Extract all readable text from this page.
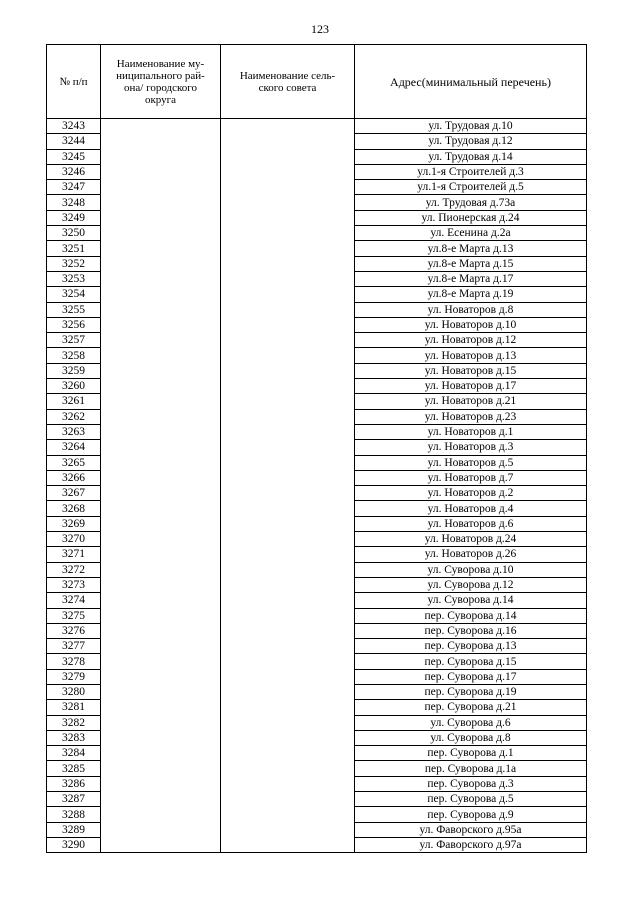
123
№ п/п	Наименование му-
ниципального рай-
она/ городского
округа	Наименование сель-
ского совета	Адрес(минимальный перечень)
3243			ул. Трудовая д.10
3244			ул. Трудовая д.12
3245			ул. Трудовая д.14
3246			ул.1-я Строителей д.3
3247			ул.1-я Строителей д.5
3248			ул. Трудовая д.73а
3249			ул. Пионерская д.24
3250			ул. Есенина д.2а
3251			ул.8-е Марта д.13
3252			ул.8-е Марта д.15
3253			ул.8-е Марта д.17
3254			ул.8-е Марта д.19
3255			ул. Новаторов д.8
3256			ул. Новаторов д.10
3257			ул. Новаторов д.12
3258			ул. Новаторов д.13
3259			ул. Новаторов д.15
3260			ул. Новаторов д.17
3261			ул. Новаторов д.21
3262			ул. Новаторов д.23
3263			ул. Новаторов д.1
3264			ул. Новаторов д.3
3265			ул. Новаторов д.5
3266			ул. Новаторов д.7
3267			ул. Новаторов д.2
3268			ул. Новаторов д.4
3269			ул. Новаторов д.6
3270			ул. Новаторов д.24
3271			ул. Новаторов д.26
3272			ул. Суворова д.10
3273			ул. Суворова д.12
3274			ул. Суворова д.14
3275			пер. Суворова д.14
3276			пер. Суворова д.16
3277			пер. Суворова д.13
3278			пер. Суворова д.15
3279			пер. Суворова д.17
3280			пер. Суворова д.19
3281			пер. Суворова д.21
3282			ул. Суворова д.6
3283			ул. Суворова д.8
3284			пер. Суворова д.1
3285			пер. Суворова д.1а
3286			пер. Суворова д.3
3287			пер. Суворова д.5
3288			пер. Суворова д.9
3289			ул. Фаворского д.95а
3290			ул. Фаворского д.97а
